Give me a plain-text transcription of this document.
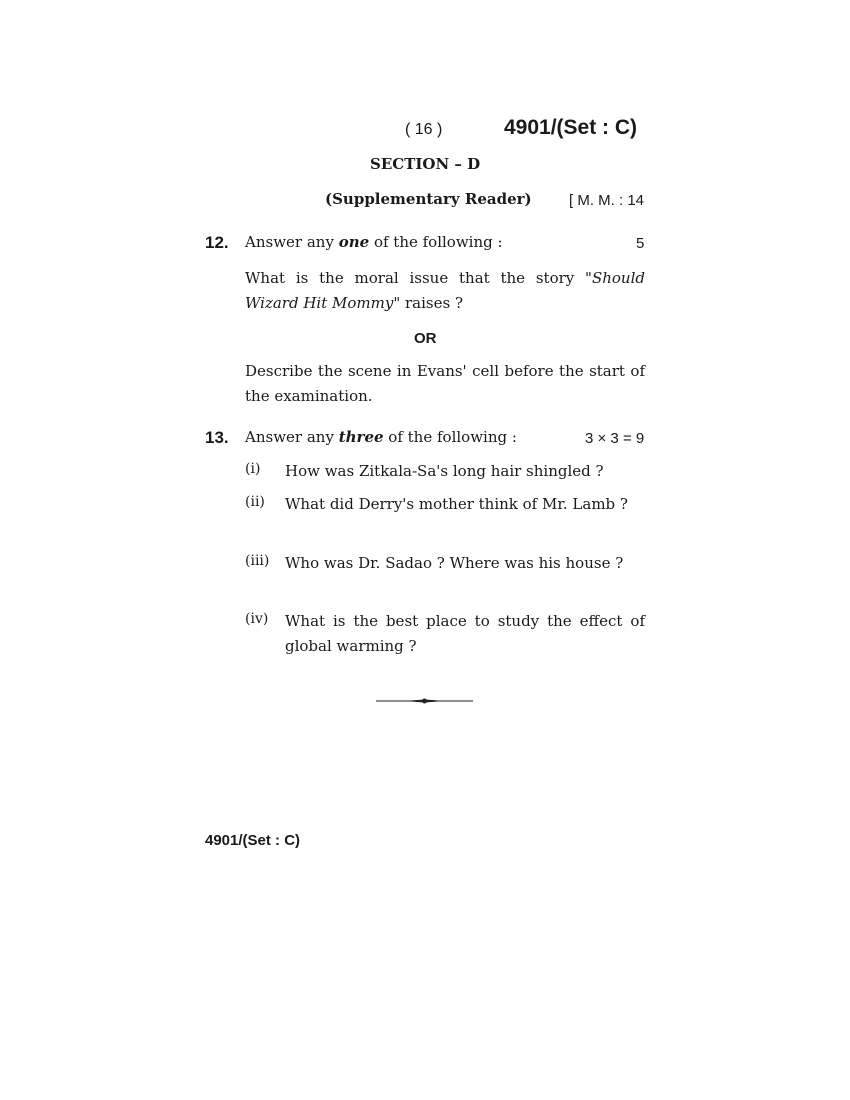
( 16 )	4901/(Set : C)
SECTION – D
(Supplementary Reader) [ M. M. : 14
12. Answer any one of the following :	5
What is the moral issue that the story "Should Wizard Hit Mommy" raises ?
OR
Describe the scene in Evans' cell before the start of the examination.
13. Answer any three of the following :	3 × 3 = 9
(i) How was Zitkala-Sa's long hair shingled ?
(ii) What did Derry's mother think of Mr. Lamb ?
(iii) Who was Dr. Sadao ? Where was his house ?
(iv) What is the best place to study the effect of global warming ?
4901/(Set : C)
